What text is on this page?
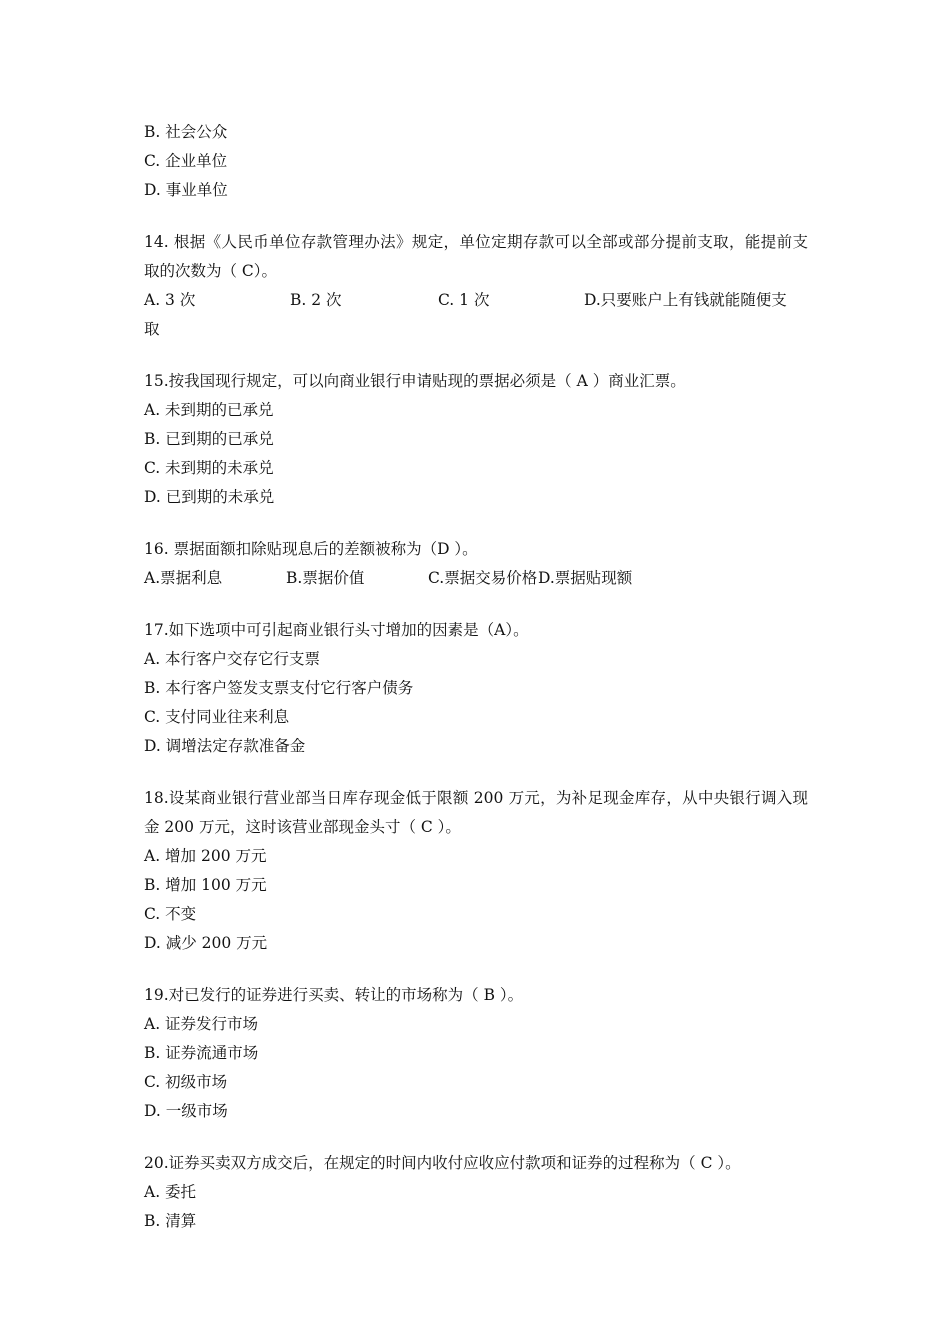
B. 社会公众
C. 企业单位
D. 事业单位
14. 根据《人民币单位存款管理办法》规定，单位定期存款可以全部或部分提前支取，能提前支取的次数为（ C）。
A. 3 次	B. 2 次	C. 1 次	D.只要账户上有钱就能随便支
取
15.按我国现行规定，可以向商业银行申请贴现的票据必须是（ A ）商业汇票。
A. 未到期的已承兑
B. 已到期的已承兑
C. 未到期的未承兑
D. 已到期的未承兑
16. 票据面额扣除贴现息后的差额被称为（D ）。
A.票据利息	B.票据价值	C.票据交易价格 D.票据贴现额
17.如下选项中可引起商业银行头寸增加的因素是（A）。
A. 本行客户交存它行支票
B. 本行客户签发支票支付它行客户债务
C. 支付同业往来利息
D. 调增法定存款准备金
18.设某商业银行营业部当日库存现金低于限额 200 万元，为补足现金库存，从中央银行调入现金 200 万元，这时该营业部现金头寸（ C ）。
A. 增加 200 万元
B. 增加 100 万元
C. 不变
D. 减少 200 万元
19.对已发行的证券进行买卖、转让的市场称为（ B ）。
A. 证券发行市场
B. 证券流通市场
C. 初级市场
D. 一级市场
20.证券买卖双方成交后，在规定的时间内收付应收应付款项和证券的过程称为（ C ）。
A. 委托
B. 清算
